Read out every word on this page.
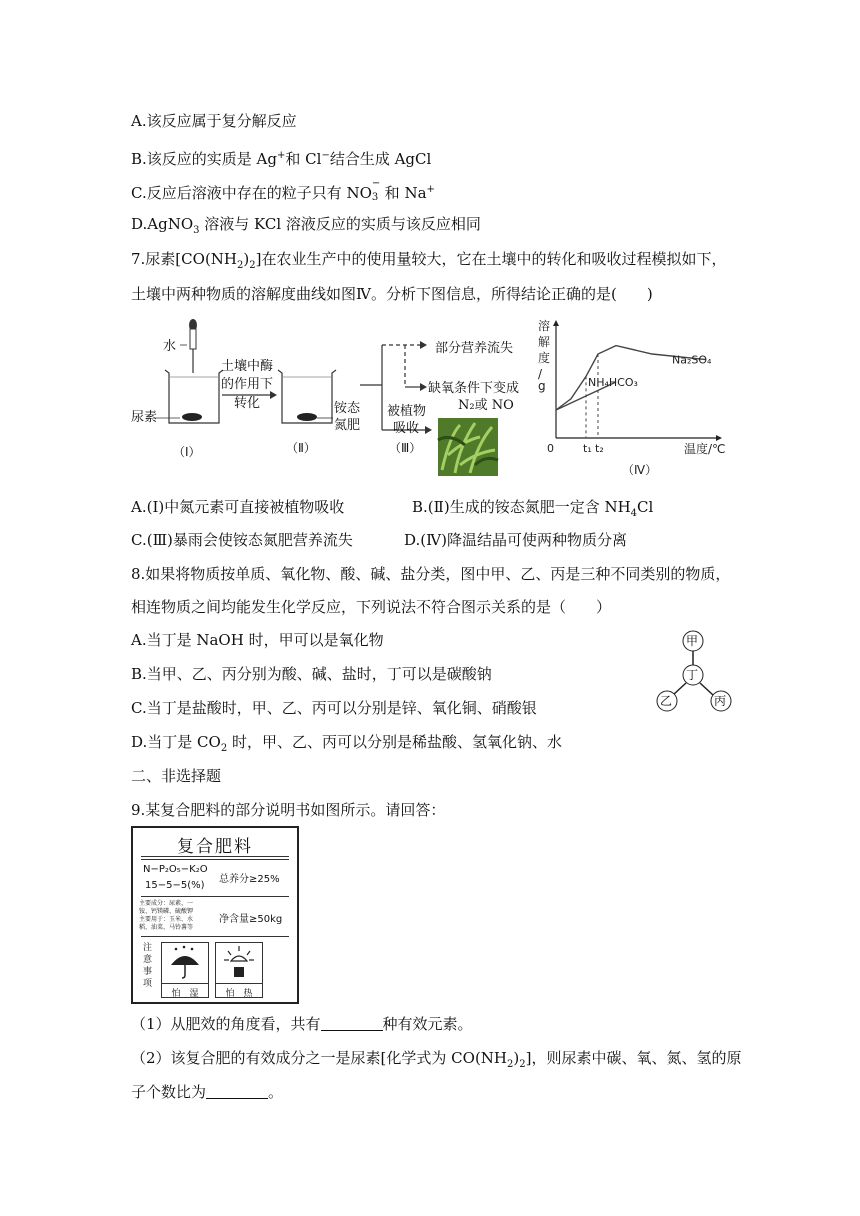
A.该反应属于复分解反应
B.该反应的实质是 Ag+和 Cl−结合生成 AgCl
C.反应后溶液中存在的粒子只有 NO
−
3 和 Na+
D.AgNO$_3$ 溶液与 KCl 溶液反应的实质与该反应相同
7.尿素$[CO(NH_2)_2]$在农业生产中的使用量较大，它在土壤中的转化和吸收过程模拟如下，
土壤中两种物质的溶解度曲线如图Ⅳ。分析下图信息，所得结论正确的是(　　)
水
尿素
土壤中酶
的作用下
转化	铵态
氮肥
被植物
吸收
部分营养流失
缺氧条件下变成
N₂或 NO
（Ⅰ）	（Ⅱ）	（Ⅲ）
溶
解
度
/
g
0	温度/℃
t₁ t₂
Na₂SO₄
NH₄HCO₃
（Ⅳ）
A.(Ⅰ)中氮元素可直接被植物吸收	B.(Ⅱ)生成的铵态氮肥一定含 $NH_4Cl$
C.(Ⅲ)暴雨会使铵态氮肥营养流失	D.(Ⅳ)降温结晶可使两种物质分离
8.如果将物质按单质、氧化物、酸、碱、盐分类，图中甲、乙、丙是三种不同类别的物质，
相连物质之间均能发生化学反应，下列说法不符合图示关系的是（　　）
A.当丁是 NaOH 时，甲可以是氧化物
B.当甲、乙、丙分别为酸、碱、盐时，丁可以是碳酸钠
C.当丁是盐酸时，甲、乙、丙可以分别是锌、氧化铜、硝酸银
D.当丁是 $CO_2$ 时，甲、乙、丙可以分别是稀盐酸、氢氧化钠、水
甲
丁
乙	丙
二、非选择题
9.某复合肥料的部分说明书如图所示。请回答：
复合肥料
N−P₂O₅−K₂O
15−5−5(%)
总养分≥25%
主要成分：尿素、一
铵、钙镁磷、硫酸钾
主要用于：玉米、水
稻、油菜、马铃薯等
净含量≥50kg
注
意
事
项
怕　湿	怕　热
（1）从肥效的角度看，共有	种有效元素。
（2）该复合肥的有效成分之一是尿素[化学式为 $CO(NH_2)_2$]，则尿素中碳、氧、氮、氢的原
子个数比为	。
